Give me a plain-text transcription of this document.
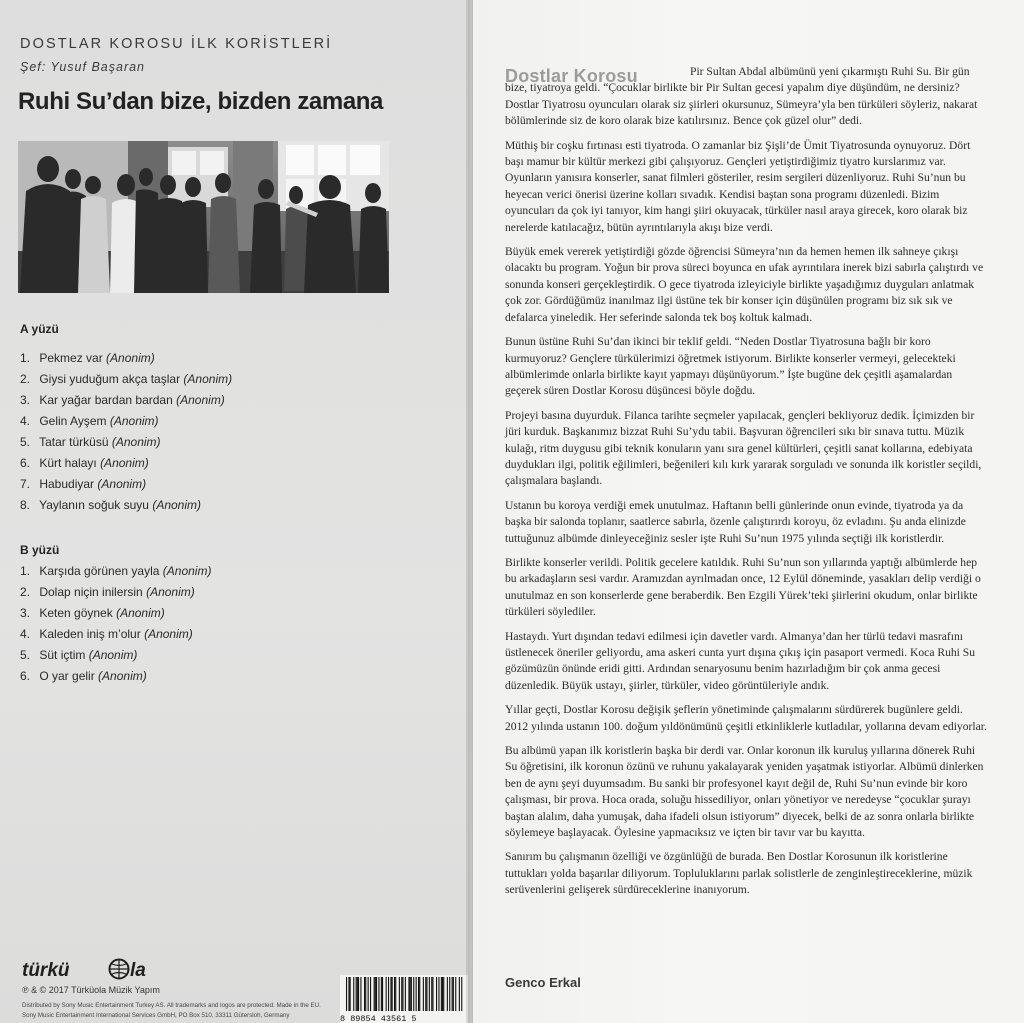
DOSTLAR KOROSU İLK KORİSTLERİ
Şef: Yusuf Başaran
Ruhi Su’dan bize, bizden zamana
A yüzü
1. Pekmez var (Anonim)
2. Giysi yuduğum akça taşlar (Anonim)
3. Kar yağar bardan bardan (Anonim)
4. Gelin Ayşem (Anonim)
5. Tatar türküsü (Anonim)
6. Kürt halayı (Anonim)
7. Habudiyar (Anonim)
8. Yaylanın soğuk suyu (Anonim)
B yüzü
1. Karşıda görünen yayla (Anonim)
2. Dolap niçin inilersin (Anonim)
3. Keten göynek (Anonim)
4. Kaleden iniş m’olur (Anonim)
5. Süt içtim (Anonim)
6. O yar gelir (Anonim)
türkü	la
℗ & © 2017 Türküola Müzik Yapım
Distributed by Sony Music Entertainment Turkey AS. All trademarks and logos are protected. Made in the EU.
Sony Music Entertainment International Services GmbH, PO Box 510, 33311 Gütersloh, Germany	8 89854 43561 5
Dostlar Korosu	Pir Sultan Abdal albümünü yeni çıkarmıştı Ruhi Su. Bir gün bize, tiyatroya geldi. “Çocuklar birlikte bir Pir Sultan gecesi yapalım diye düşündüm, ne dersiniz? Dostlar Tiyatrosu oyuncuları olarak siz şiirleri okursunuz, Sümeyra’yla ben türküleri söyleriz, nakarat bölümlerinde siz de koro olarak bize katılırsınız. Bence çok güzel olur” dedi.

Müthiş bir coşku fırtınası esti tiyatroda. O zamanlar biz Şişli’de Ümit Tiyatrosunda oynuyoruz. Dört başı mamur bir kültür merkezi gibi çalışıyoruz. Gençleri yetiştirdiğimiz tiyatro kurslarımız var. Oyunların yanısıra konserler, sanat filmleri gösteriler, resim sergileri düzenliyoruz. Ruhi Su’nun bu heyecan verici önerisi üzerine kolları sıvadık. Kendisi baştan sona programı düzenledi. Bizim oyuncuları da çok iyi tanıyor, kim hangi şiiri okuyacak, türküler nasıl araya girecek, koro olarak biz nerelerde katılacağız, bütün ayrıntılarıyla akışı bize verdi.

Büyük emek vererek yetiştirdiği gözde öğrencisi Sümeyra’nın da hemen hemen ilk sahneye çıkışı olacaktı bu program. Yoğun bir prova süreci boyunca en ufak ayrıntılara inerek bizi sabırla çalıştırdı ve sonunda konseri gerçekleştirdik. O gece tiyatroda izleyiciyle birlikte yaşadığımız duyguları anlatmak çok zor. Gördüğümüz inanılmaz ilgi üstüne tek bir konser için düşünülen programı biz sık sık ve defalarca yineledik. Her seferinde salonda tek boş koltuk kalmadı.

Bunun üstüne Ruhi Su’dan ikinci bir teklif geldi. “Neden Dostlar Tiyatrosuna bağlı bir koro kurmuyoruz? Gençlere türkülerimizi öğretmek istiyorum. Birlikte konserler vermeyi, gelecekteki albümlerimde onlarla birlikte kayıt yapmayı düşünüyorum.” İşte bugüne dek çeşitli aşamalardan geçerek süren Dostlar Korosu düşüncesi böyle doğdu.

Projeyi basına duyurduk. Filanca tarihte seçmeler yapılacak, gençleri bekliyoruz dedik. İçimizden bir jüri kurduk. Başkanımız bizzat Ruhi Su’ydu tabii. Başvuran öğrencileri sıkı bir sınava tuttu. Müzik kulağı, ritm duygusu gibi teknik konuların yanı sıra genel kültürleri, çeşitli sanat kollarına, edebiyata duydukları ilgi, politik eğilimleri, beğenileri kılı kırk yararak sorguladı ve sonunda ilk koristler seçildi, çalışmalara başlandı.

Ustanın bu koroya verdiği emek unutulmaz. Haftanın belli günlerinde onun evinde, tiyatroda ya da başka bir salonda toplanır, saatlerce sabırla, özenle çalıştırırdı koroyu, öz evladını. Şu anda elinizde tuttuğunuz albümde dinleyeceğiniz sesler işte Ruhi Su’nun 1975 yılında seçtiği ilk koristlerdir.

Birlikte konserler verildi. Politik gecelere katıldık. Ruhi Su’nun son yıllarında yaptığı albümlerde hep bu arkadaşların sesi vardır. Aramızdan ayrılmadan once, 12 Eylül döneminde, yasakları delip verdiği o unutulmaz en son konserlerde gene beraberdik. Ben Ezgili Yürek’teki şiirlerini okudum, onlar birlikte türküleri söylediler.

Hastaydı. Yurt dışından tedavi edilmesi için davetler vardı. Almanya’dan her türlü tedavi masrafını üstlenecek öneriler geliyordu, ama askeri cunta yurt dışına çıkış için pasaport vermedi. Koca Ruhi Su gözümüzün önünde eridi gitti. Ardından senaryosunu benim hazırladığım bir çok anma gecesi düzenledik. Büyük ustayı, şiirler, türküler, video görüntüleriyle andık.

Yıllar geçti, Dostlar Korosu değişik şeflerin yönetiminde çalışmalarını sürdürerek bugünlere geldi. 2012 yılında ustanın 100. doğum yıldönümünü çeşitli etkinliklerle kutladılar, yollarına devam ediyorlar.

Bu albümü yapan ilk koristlerin başka bir derdi var. Onlar koronun ilk kuruluş yıllarına dönerek Ruhi Su öğretisini, ilk koronun özünü ve ruhunu yakalayarak yeniden yaşatmak istiyorlar. Albümü dinlerken ben de aynı şeyi duyumsadım. Bu sanki bir profesyonel kayıt değil de, Ruhi Su’nun evinde bir koro çalışması, bir prova. Hoca orada, soluğu hissediliyor, onları yönetiyor ve neredeyse “çocuklar şurayı baştan alalım, daha yumuşak, daha ifadeli olsun istiyorum” diyecek, belki de az sonra onlarla birlikte söylemeye başlayacak. Öylesine yapmacıksız ve içten bir tavır var bu kayıtta.

Sanırım bu çalışmanın özelliği ve özgünlüğü de burada. Ben Dostlar Korosunun ilk koristlerine tuttukları yolda başarılar diliyorum. Topluluklarını parlak solistlerle de zenginleştireceklerine, müzik serüvenlerini gelişerek sürdüreceklerine inanıyorum.

Genco Erkal
